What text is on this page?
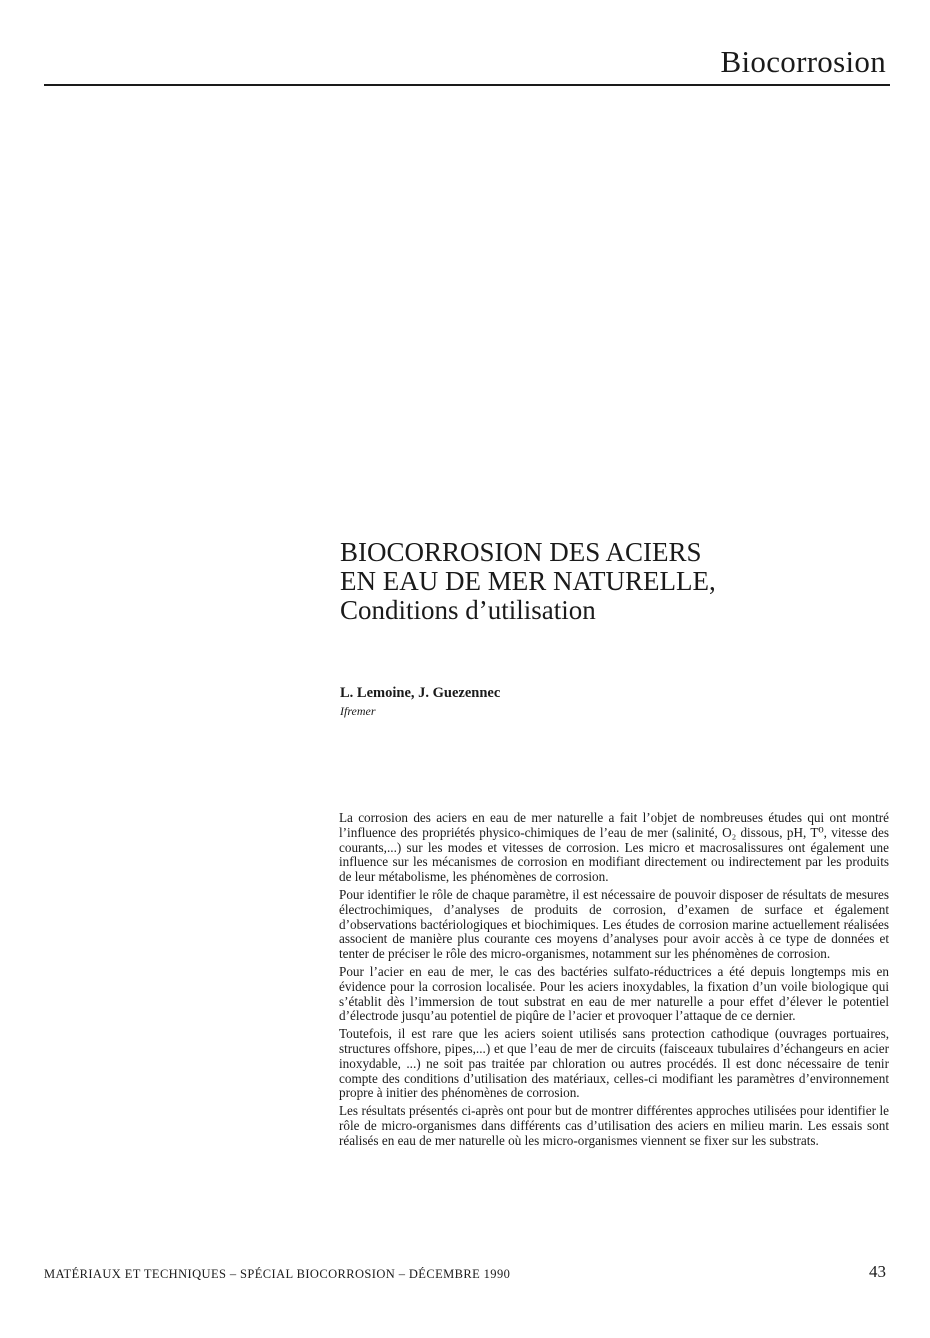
Biocorrosion
BIOCORROSION DES ACIERS
EN EAU DE MER NATURELLE,
Conditions d’utilisation
L. Lemoine, J. Guezennec
Ifremer

La corrosion des aciers en eau de mer naturelle a fait l’objet de nombreuses études qui ont montré l’influence des propriétés physico-chimiques de l’eau de mer (salinité, O₂ dissous, pH, T⁰, vitesse des courants,...) sur les modes et vitesses de corrosion. Les micro et macrosalissures ont également une influence sur les mécanismes de corrosion en modifiant directement ou indirectement par les produits de leur métabolisme, les phénomènes de corrosion.

Pour identifier le rôle de chaque paramètre, il est nécessaire de pouvoir disposer de résultats de mesures électrochimiques, d’analyses de produits de corrosion, d’examen de surface et également d’observations bactériologiques et biochimiques. Les études de corrosion marine actuellement réalisées associent de manière plus courante ces moyens d’analyses pour avoir accès à ce type de données et tenter de préciser le rôle des micro-organismes, notamment sur les phénomènes de corrosion.

Pour l’acier en eau de mer, le cas des bactéries sulfato-réductrices a été depuis longtemps mis en évidence pour la corrosion localisée. Pour les aciers inoxydables, la fixation d’un voile biologique qui s’établit dès l’immersion de tout substrat en eau de mer naturelle a pour effet d’élever le potentiel d’électrode jusqu’au potentiel de piqûre de l’acier et provoquer l’attaque de ce dernier.

Toutefois, il est rare que les aciers soient utilisés sans protection cathodique (ouvrages portuaires, structures offshore, pipes,...) et que l’eau de mer de circuits (faisceaux tubulaires d’échangeurs en acier inoxydable, ...) ne soit pas traitée par chloration ou autres procédés. Il est donc nécessaire de tenir compte des conditions d’utilisation des matériaux, celles-ci modifiant les paramètres d’environnement propre à initier des phénomènes de corrosion.

Les résultats présentés ci-après ont pour but de montrer différentes approches utilisées pour identifier le rôle de micro-organismes dans différents cas d’utilisation des aciers en milieu marin. Les essais sont réalisés en eau de mer naturelle où les micro-organismes viennent se fixer sur les substrats.

MATÉRIAUX ET TECHNIQUES – SPÉCIAL BIOCORROSION – DÉCEMBRE 1990	43
